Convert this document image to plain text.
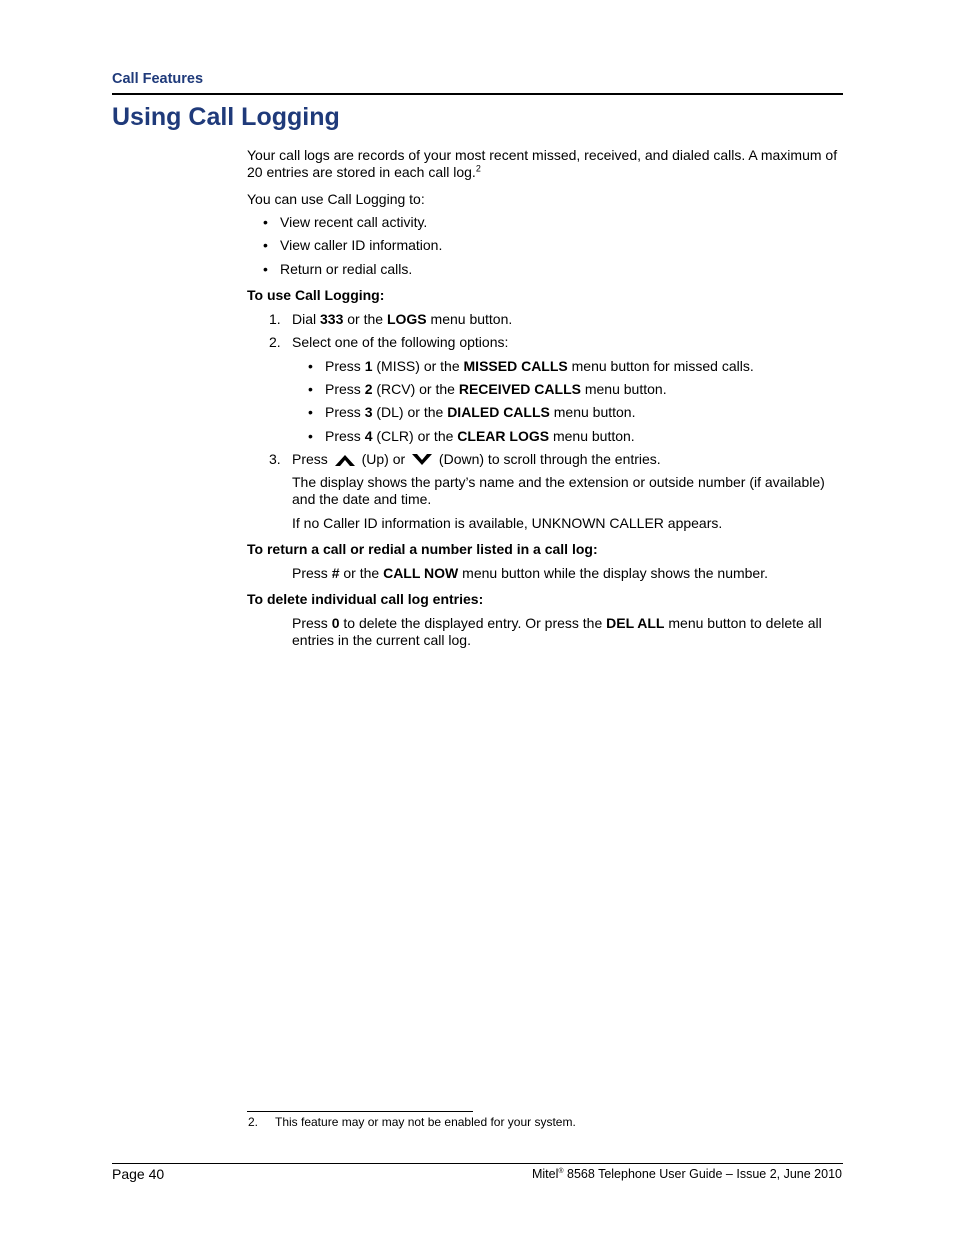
Call Features
Using Call Logging
Your call logs are records of your most recent missed, received, and dialed calls. A maximum of
20 entries are stored in each call log.$^2$
You can use Call Logging to:
• View recent call activity.
• View caller ID information.
• Return or redial calls.
To use Call Logging:
1. Dial 333 or the LOGS menu button.
2. Select one of the following options:
• Press 1 (MISS) or the MISSED CALLS menu button for missed calls.
• Press 2 (RCV) or the RECEIVED CALLS menu button.
• Press 3 (DL) or the DIALED CALLS menu button.
• Press 4 (CLR) or the CLEAR LOGS menu button.
3. Press (Up) or (Down) to scroll through the entries.
The display shows the party’s name and the extension or outside number (if available)
and the date and time.
If no Caller ID information is available, UNKNOWN CALLER appears.
To return a call or redial a number listed in a call log:
Press # or the CALL NOW menu button while the display shows the number.
To delete individual call log entries:
Press 0 to delete the displayed entry. Or press the DEL ALL menu button to delete all
entries in the current call log.
2. This feature may or may not be enabled for your system.
Page 40	Mitel® 8568 Telephone User Guide – Issue 2, June 2010
